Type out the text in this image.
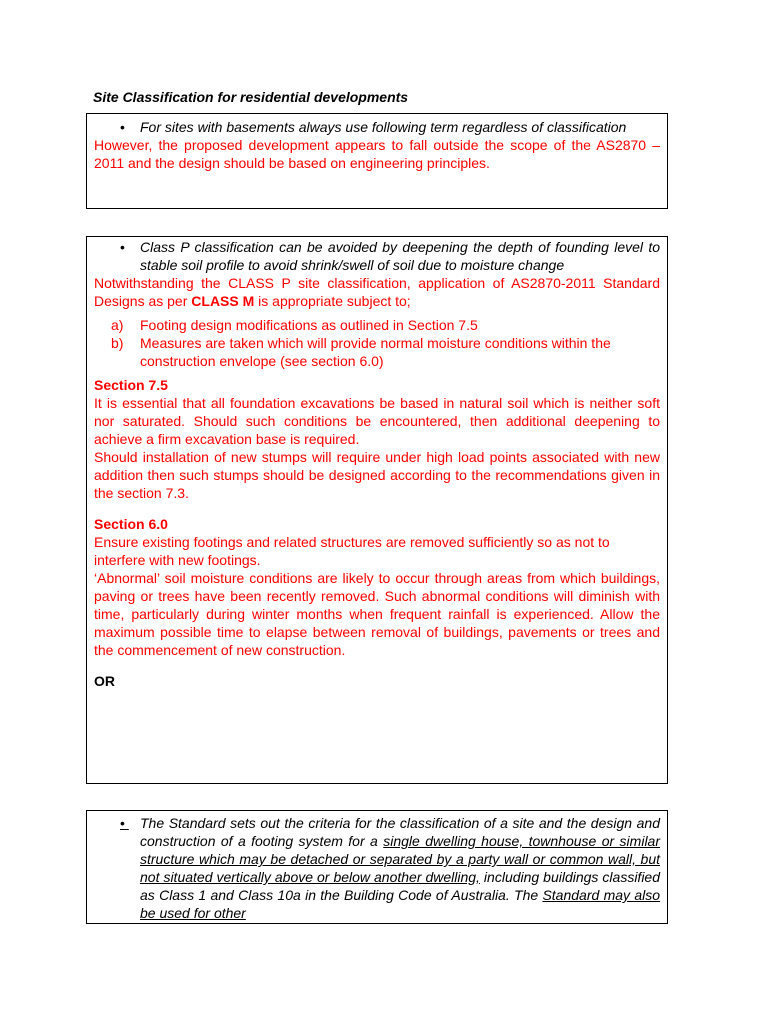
Site Classification for residential developments

•	For sites with basements always use following term regardless of classification

However, the proposed development appears to fall outside the scope of the AS2870 – 2011 and the design should be based on engineering principles.

•	Class P classification can be avoided by deepening the depth of founding level to stable soil profile to avoid shrink/swell of soil due to moisture change

Notwithstanding the CLASS P site classification, application of AS2870-2011 Standard Designs as per CLASS M is appropriate subject to;

a)	Footing design modifications as outlined in Section 7.5
b)	Measures are taken which will provide normal moisture conditions within the construction envelope (see section 6.0)

Section 7.5

It is essential that all foundation excavations be based in natural soil which is neither soft nor saturated. Should such conditions be encountered, then additional deepening to achieve a firm excavation base is required.

Should installation of new stumps will require under high load points associated with new addition then such stumps should be designed according to the recommendations given in the section 7.3.

Section 6.0

Ensure existing footings and related structures are removed sufficiently so as not to interfere with new footings.

‘Abnormal’ soil moisture conditions are likely to occur through areas from which buildings, paving or trees have been recently removed. Such abnormal conditions will diminish with time, particularly during winter months when frequent rainfall is experienced. Allow the maximum possible time to elapse between removal of buildings, pavements or trees and the commencement of new construction.

OR

• The Standard sets out the criteria for the classification of a site and the design and construction of a footing system for a single dwelling house, townhouse or similar structure which may be detached or separated by a party wall or common wall, but not situated vertically above or below another dwelling, including buildings classified as Class 1 and Class 10a in the Building Code of Australia. The Standard may also be used for other
